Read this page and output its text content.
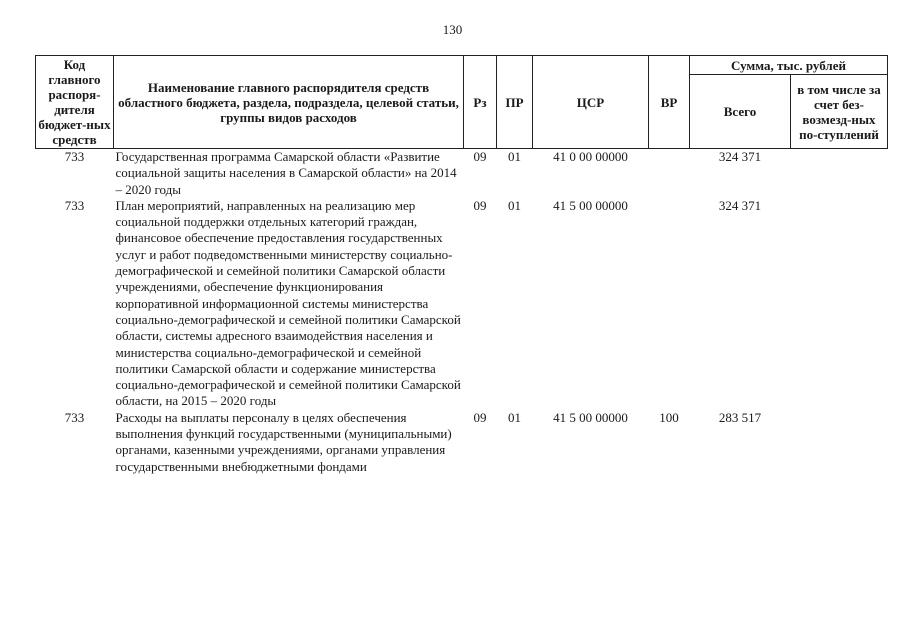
130
Код главного распоря-дителя бюджет-ных средств	Наименование главного распорядителя средств областного бюджета, раздела, подраздела, целевой статьи, группы видов расходов	Рз	ПР	ЦСР	ВР	Сумма, тыс. рублей	
						Всего	в том числе за счет без-возмезд-ных по-ступлений
733	Государственная программа Самарской области «Развитие социальной защиты населения в Самарской области» на 2014 – 2020 годы	09	01	41 0 00 00000		324 371	
733	План мероприятий, направленных на реализацию мер социальной поддержки отдельных категорий граждан, финансовое обеспечение предоставления государственных услуг и работ подведомственными министерству социально-демографической и семейной политики Самарской области учреждениями, обеспечение функционирования корпоративной информационной системы министерства социально-демографической и семейной политики Самарской области, системы адресного взаимодействия населения и министерства социально-демографической и семейной политики Самарской области и содержание министерства социально-демографической и семейной политики Самарской области, на 2015 – 2020 годы	09	01	41 5 00 00000		324 371	
733	Расходы на выплаты персоналу в целях обеспечения выполнения функций государственными (муниципальными) органами, казенными учреждениями, органами управления государственными внебюджетными фондами	09	01	41 5 00 00000	100	283 517	
